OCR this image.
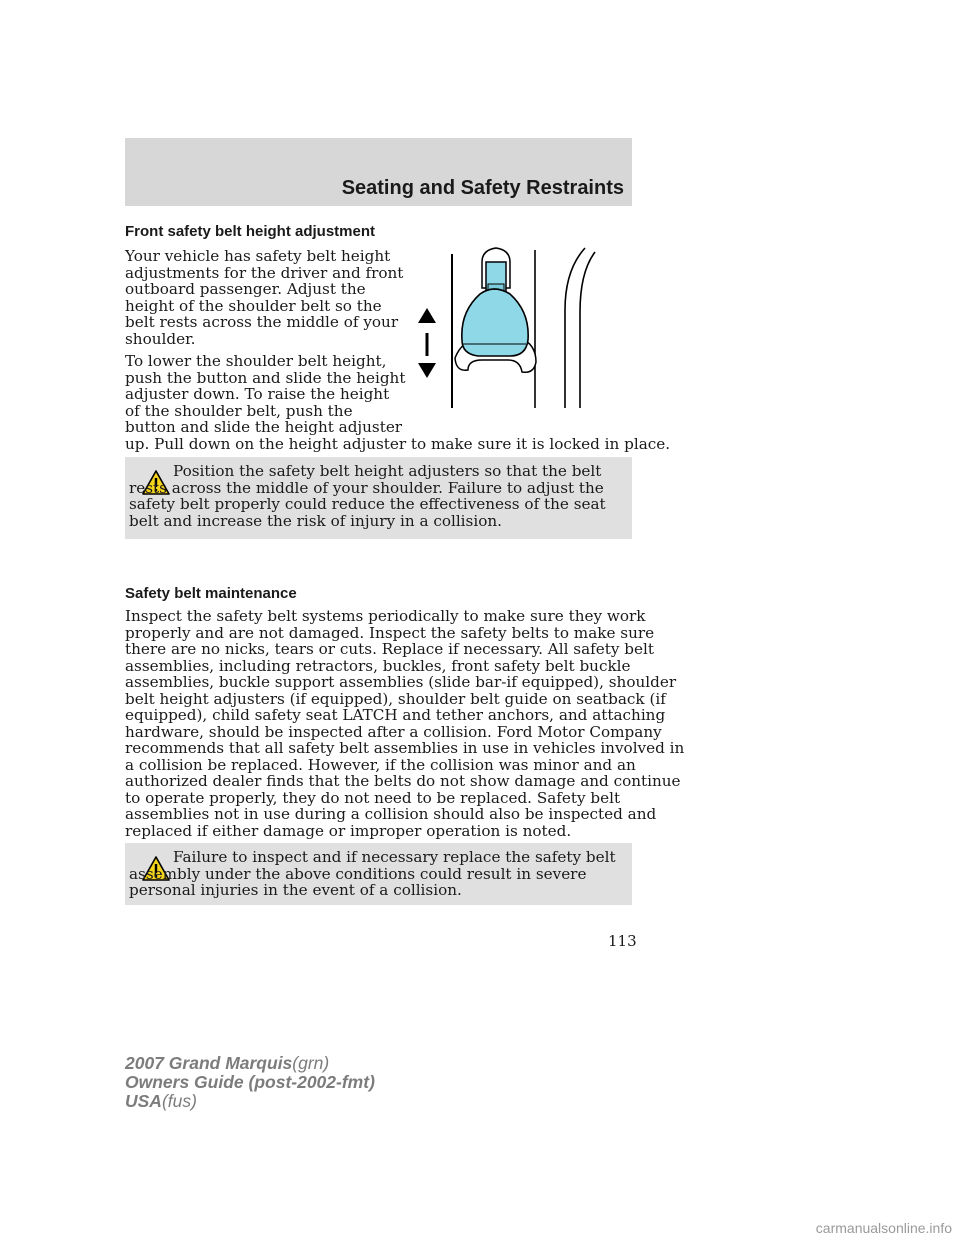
Seating and Safety Restraints
Front safety belt height adjustment
Your vehicle has safety belt height
adjustments for the driver and front
outboard passenger. Adjust the
height of the shoulder belt so the
belt rests across the middle of your
shoulder.
To lower the shoulder belt height,
push the button and slide the height
adjuster down. To raise the height
of the shoulder belt, push the
button and slide the height adjuster
up. Pull down on the height adjuster to make sure it is locked in place.

Position the safety belt height adjusters so that the belt rests across the middle of your shoulder. Failure to adjust the safety belt properly could reduce the effectiveness of the seat belt and increase the risk of injury in a collision.

Safety belt maintenance
Inspect the safety belt systems periodically to make sure they work
properly and are not damaged. Inspect the safety belts to make sure
there are no nicks, tears or cuts. Replace if necessary. All safety belt
assemblies, including retractors, buckles, front safety belt buckle
assemblies, buckle support assemblies (slide bar-if equipped), shoulder
belt height adjusters (if equipped), shoulder belt guide on seatback (if
equipped), child safety seat LATCH and tether anchors, and attaching
hardware, should be inspected after a collision. Ford Motor Company
recommends that all safety belt assemblies in use in vehicles involved in
a collision be replaced. However, if the collision was minor and an
authorized dealer finds that the belts do not show damage and continue
to operate properly, they do not need to be replaced. Safety belt
assemblies not in use during a collision should also be inspected and
replaced if either damage or improper operation is noted.

Failure to inspect and if necessary replace the safety belt assembly under the above conditions could result in severe personal injuries in the event of a collision.

113
2007 Grand Marquis(grn)
Owners Guide (post-2002-fmt)
USA(fus)
carmanualsonline.info
